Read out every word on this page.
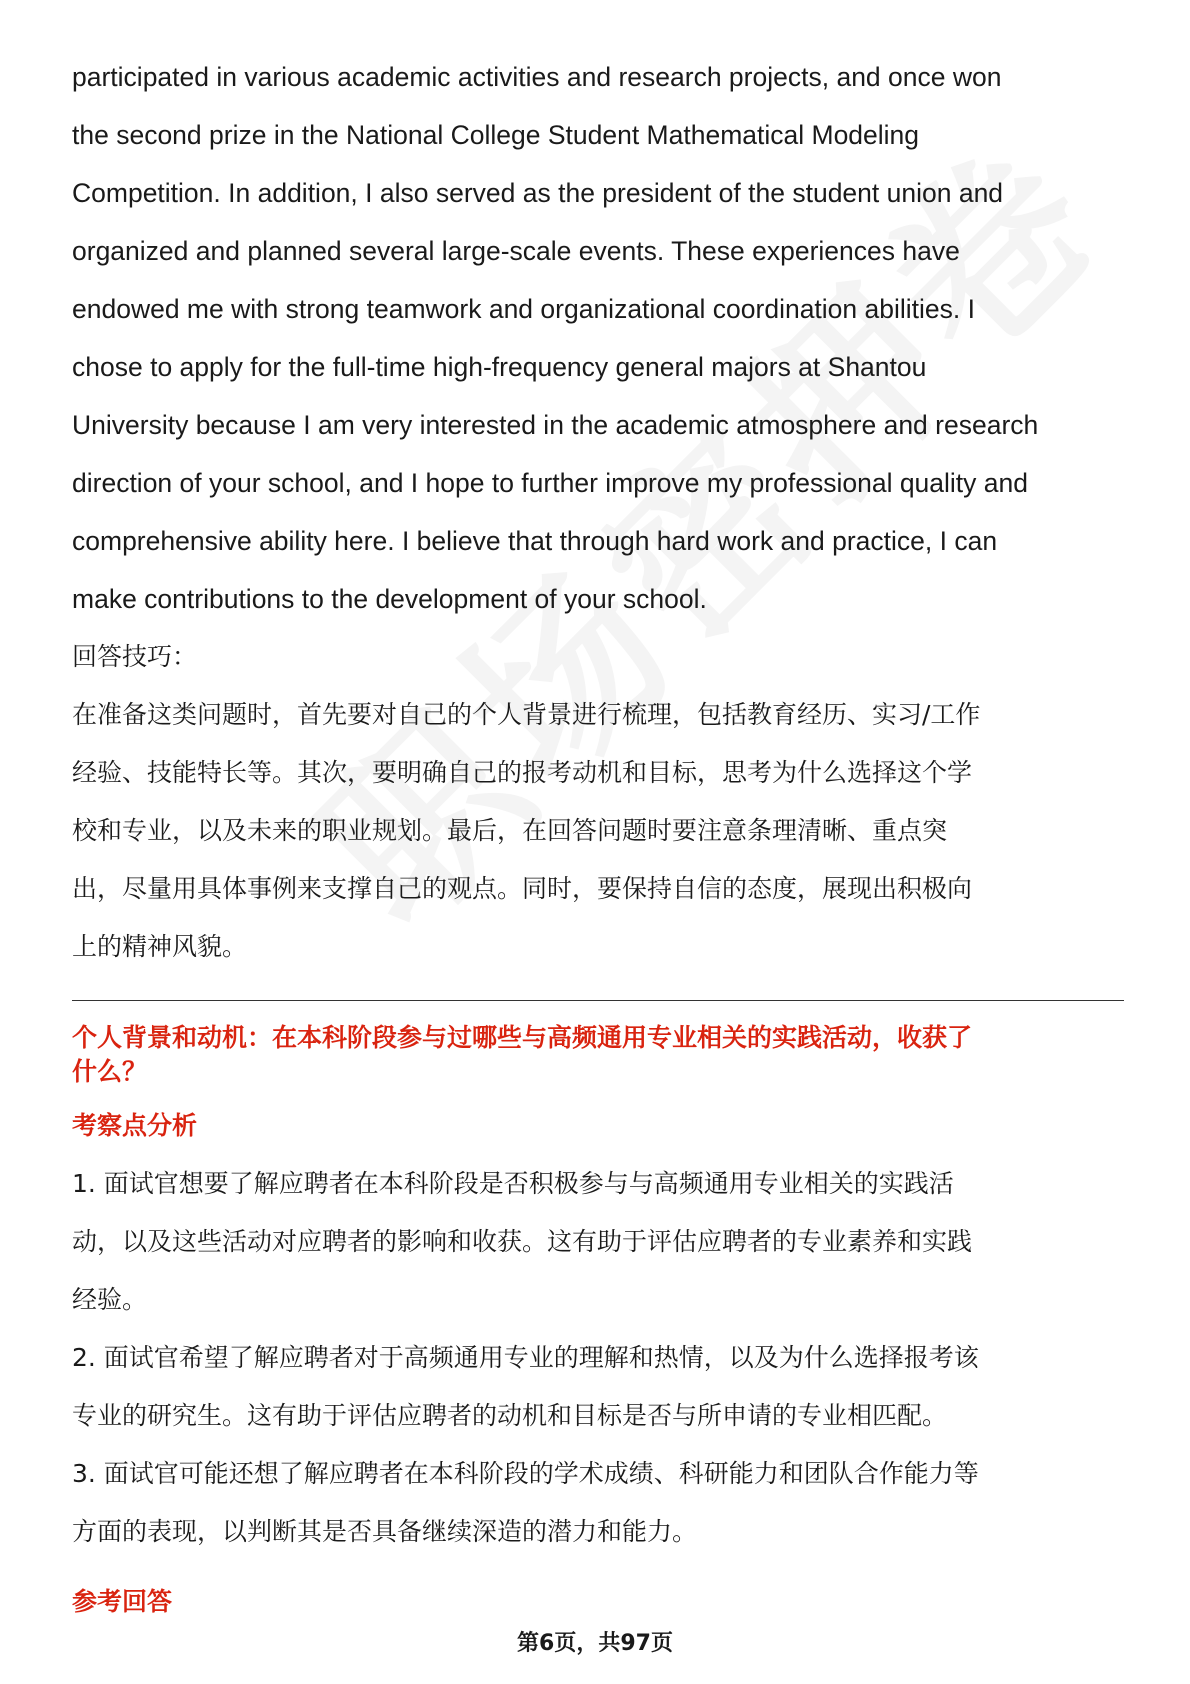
participated in various academic activities and research projects, and once won
the second prize in the National College Student Mathematical Modeling
Competition. In addition, I also served as the president of the student union and
organized and planned several large-scale events. These experiences have
endowed me with strong teamwork and organizational coordination abilities. I
chose to apply for the full-time high-frequency general majors at Shantou
University because I am very interested in the academic atmosphere and research
direction of your school, and I hope to further improve my professional quality and
comprehensive ability here. I believe that through hard work and practice, I can
make contributions to the development of your school.

回答技巧：

在准备这类问题时，首先要对自己的个人背景进行梳理，包括教育经历、实习/工作
经验、技能特长等。其次，要明确自己的报考动机和目标，思考为什么选择这个学
校和专业，以及未来的职业规划。最后，在回答问题时要注意条理清晰、重点突
出，尽量用具体事例来支撑自己的观点。同时，要保持自信的态度，展现出积极向
上的精神风貌。

个人背景和动机：在本科阶段参与过哪些与高频通用专业相关的实践活动，收获了
什么？
考察点分析

1. 面试官想要了解应聘者在本科阶段是否积极参与与高频通用专业相关的实践活
动，以及这些活动对应聘者的影响和收获。这有助于评估应聘者的专业素养和实践
经验。

2. 面试官希望了解应聘者对于高频通用专业的理解和热情，以及为什么选择报考该
专业的研究生。这有助于评估应聘者的动机和目标是否与所申请的专业相匹配。

3. 面试官可能还想了解应聘者在本科阶段的学术成绩、科研能力和团队合作能力等
方面的表现，以判断其是否具备继续深造的潜力和能力。

参考回答
第6页，共97页
